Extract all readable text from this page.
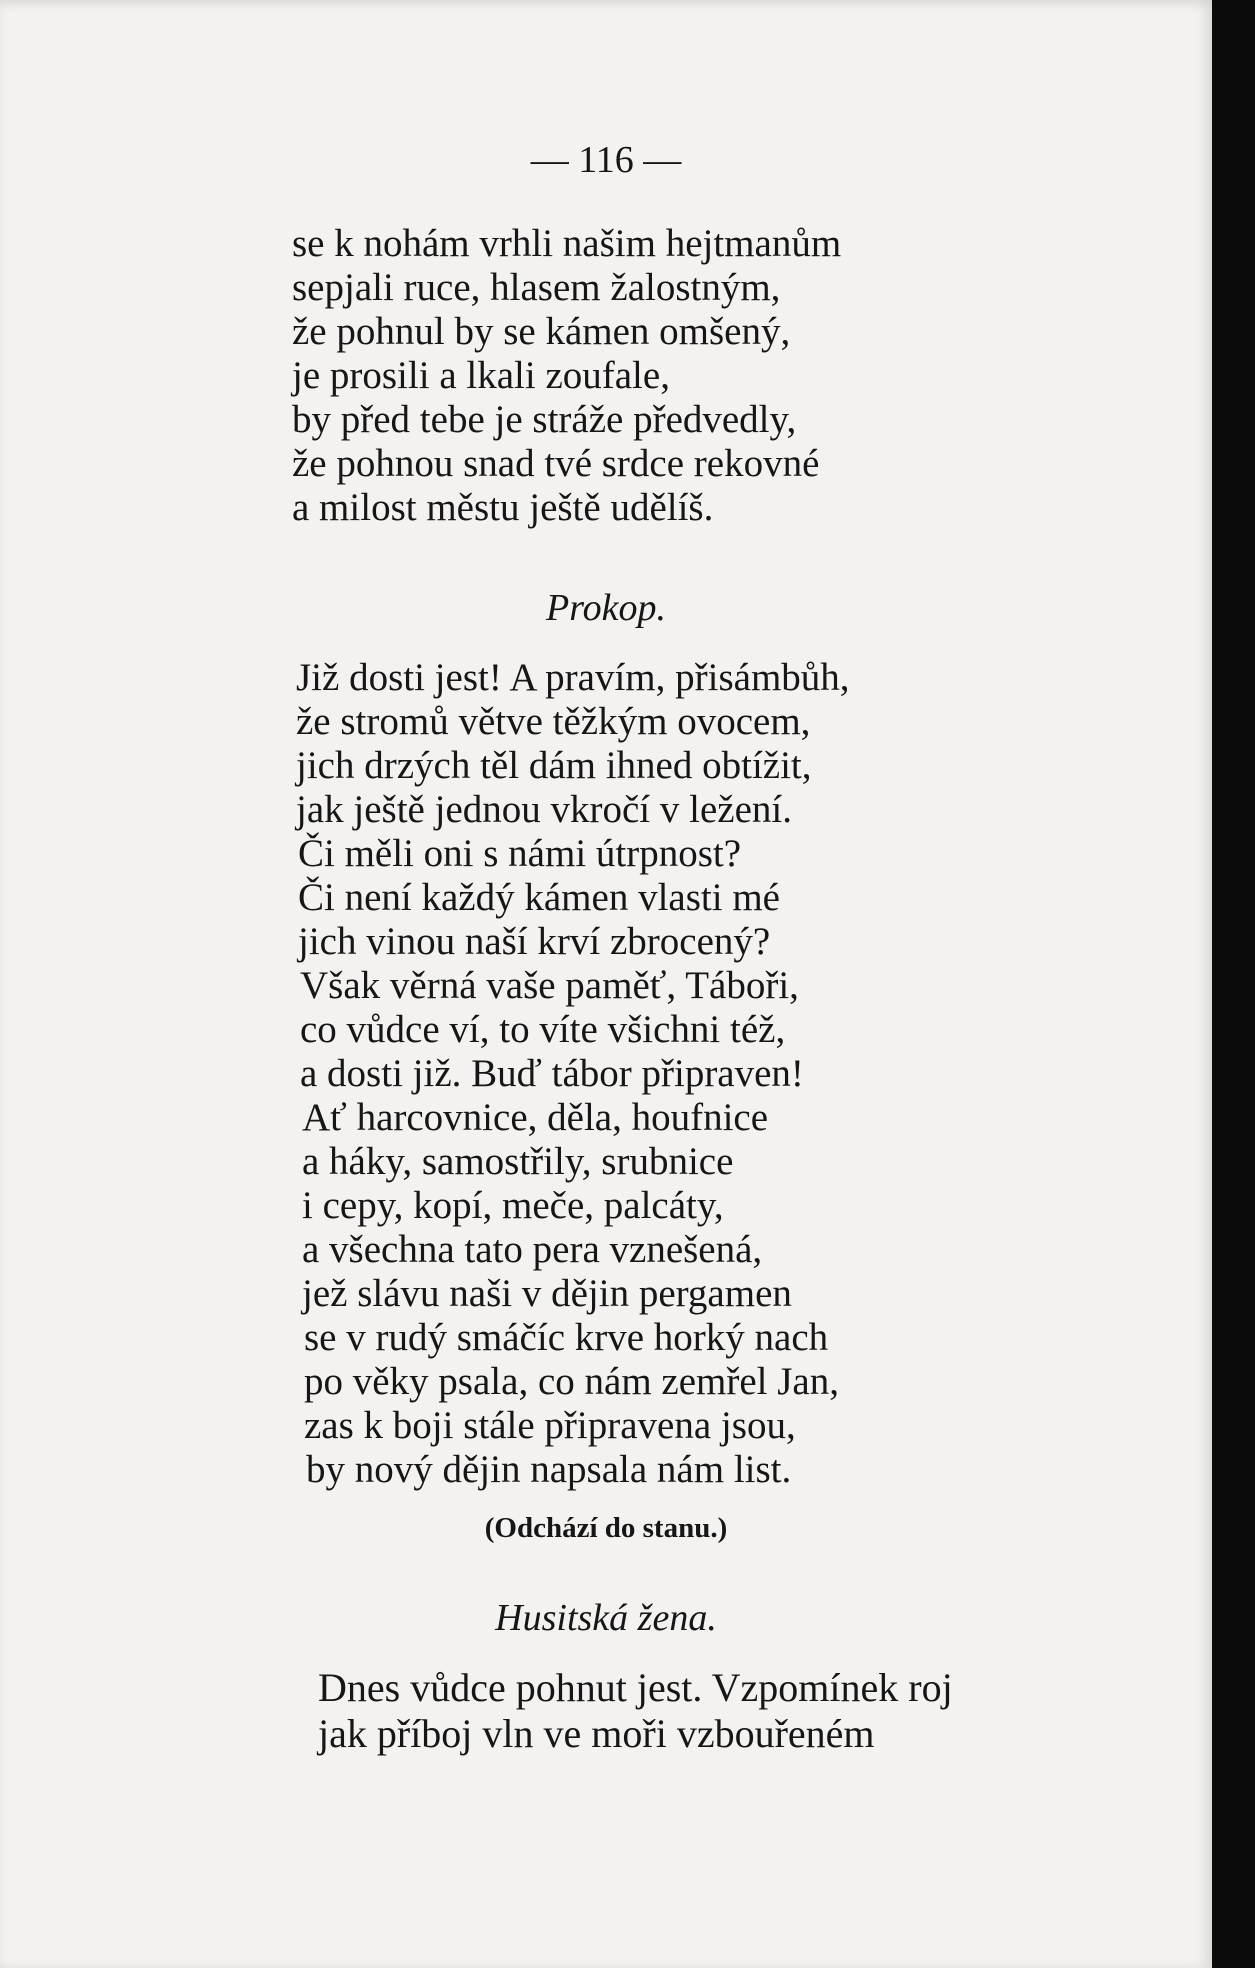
— 116 —
se k nohám vrhli našim hejtmanům
sepjali ruce, hlasem žalostným,
že pohnul by se kámen omšený,
je prosili a lkali zoufale,
by před tebe je stráže předvedly,
že pohnou snad tvé srdce rekovné
a milost městu ještě udělíš.
Prokop.
Již dosti jest! A pravím, přisámbůh,
že stromů větve těžkým ovocem,
jich drzých těl dám ihned obtížit,
jak ještě jednou vkročí v ležení.
Či měli oni s námi útrpnost?
Či není každý kámen vlasti mé
jich vinou naší krví zbrocený?
Však věrná vaše paměť, Táboři,
co vůdce ví, to víte všichni též,
a dosti již. Buď tábor připraven!
Ať harcovnice, děla, houfnice
a háky, samostřily, srubnice
i cepy, kopí, meče, palcáty,
a všechna tato pera vznešená,
jež slávu naši v dějin pergamen
se v rudý smáčíc krve horký nach
po věky psala, co nám zemřel Jan,
zas k boji stále připravena jsou,
by nový dějin napsala nám list.
(Odchází do stanu.)
Husitská žena.
Dnes vůdce pohnut jest. Vzpomínek roj
jak příboj vln ve moři vzbouřeném
